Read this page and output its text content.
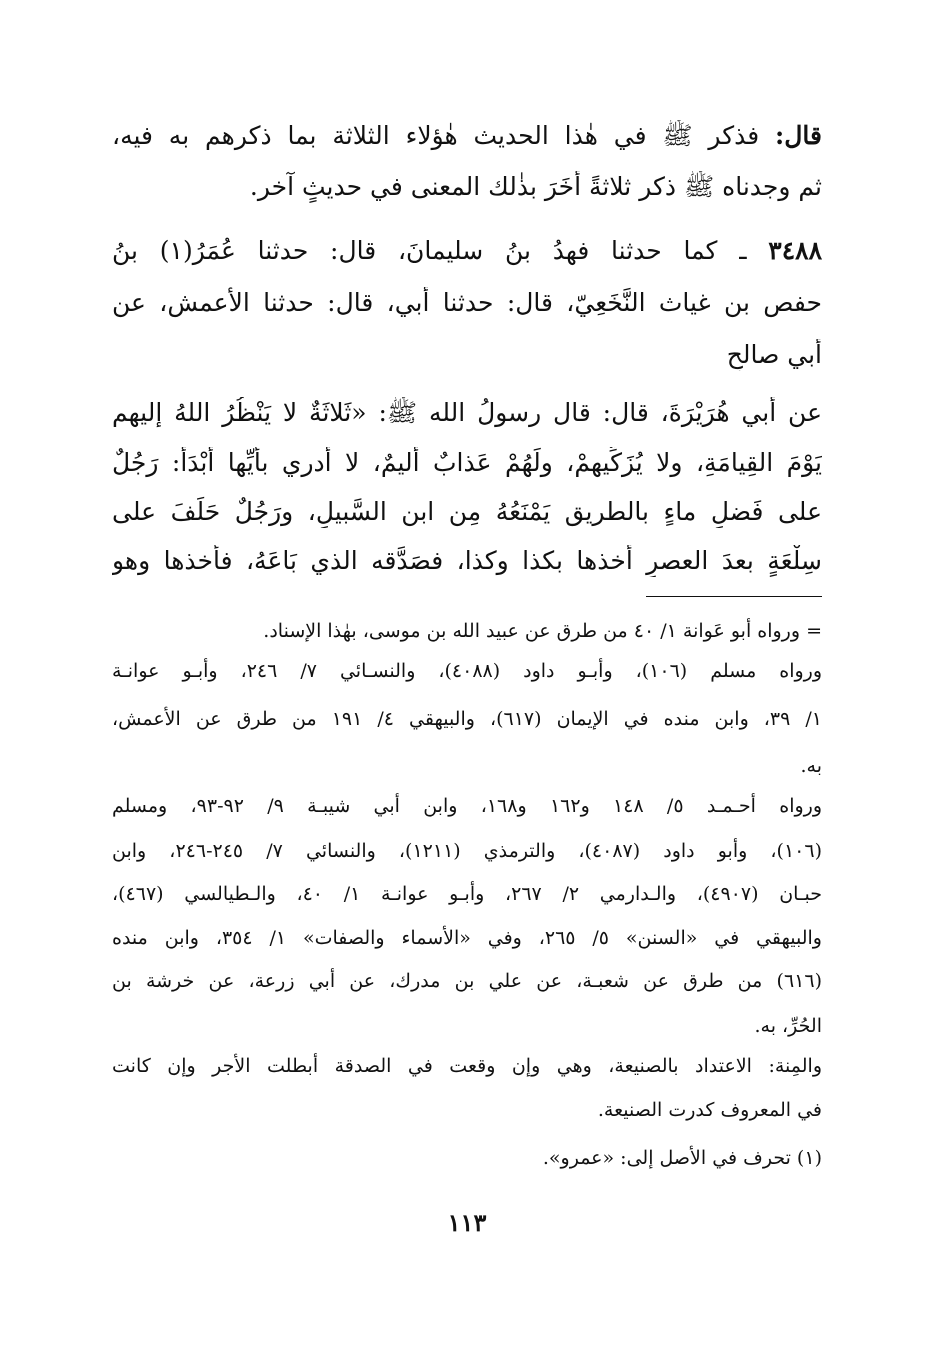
قال: فذكر ﷺ في هٰذا الحديث هٰؤلاء الثلاثة بما ذكرهم به فيه،
ثم وجدناه ﷺ ذكر ثلاثةً أُخَرَ بذٰلك المعنى في حديثٍ آخر.
٣٤٨٨ ـ كما حدثنا فهدُ بنُ سليمانَ، قال: حدثنا عُمَرُ(١) بنُ
حفص بن غياث النَّخَعِيّ، قال: حدثنا أبي، قال: حدثنا الأعمش، عن
أبي صالحٍ
عن أبي هُرَيْرَةَ، قال: قال رسولُ الله ﷺ: «ثَلاثَةٌ لا يَنْظُرُ اللهُ إليهم
يَوْمَ القِيامَةِ، ولا يُزَكِّيهِمْ، ولَهُمْ عَذابٌ أَليمٌ، لا أدري بأيِّها أَبْدَأُ: رَجُلٌ
على فَضلِ ماءٍ بالطريقِ يَمْنَعُهُ مِن ابن السَّبيلِ، ورَجُلٌ حَلَفَ على
سِلْعَةٍ بعدَ العصرِ أخذها بكذا وكذا، فصَدَّقه الذي بَاعَهُ، فأخذها وهو
= ورواه أبو عَوانة ١/ ٤٠ من طرق عن عبيد الله بن موسى، بهٰذا الإسناد.
ورواه مسلم (١٠٦)، وأبـو داود (٤٠٨٨)، والنسـائي ٧/ ٢٤٦، وأبـو عوانـة
١/ ٣٩، وابن منده في الإيمان (٦١٧)، والبيهقي ٤/ ١٩١ من طرق عن الأعمش،
به.
ورواه أحـمـد ٥/ ١٤٨ و١٦٢ و١٦٨، وابن أبي شيبـة ٩/ ٩٢-٩٣، ومسلم
(١٠٦)، وأبو داود (٤٠٨٧)، والترمذي (١٢١١)، والنسائي ٧/ ٢٤٥-٢٤٦، وابن
حبـان (٤٩٠٧)، والـدارمي ٢/ ٢٦٧، وأبـو عوانـة ١/ ٤٠، والـطيالسي (٤٦٧)،
والبيهقي في «السنن» ٥/ ٢٦٥، وفي «الأسماء والصفات» ١/ ٣٥٤، وابن منده
(٦١٦) من طرق عن شعبـة، عن علي بن مدرك، عن أبي زرعة، عن خرشة بن
الحُرِّ، به.
والمِنة: الاعتداد بالصنيعة، وهي وإن وقعت في الصدقة أبطلت الأجر وإن كانت
في المعروف كدرت الصنيعة.
(١) تحرف في الأصل إلى: «عمرو».
١١٣
